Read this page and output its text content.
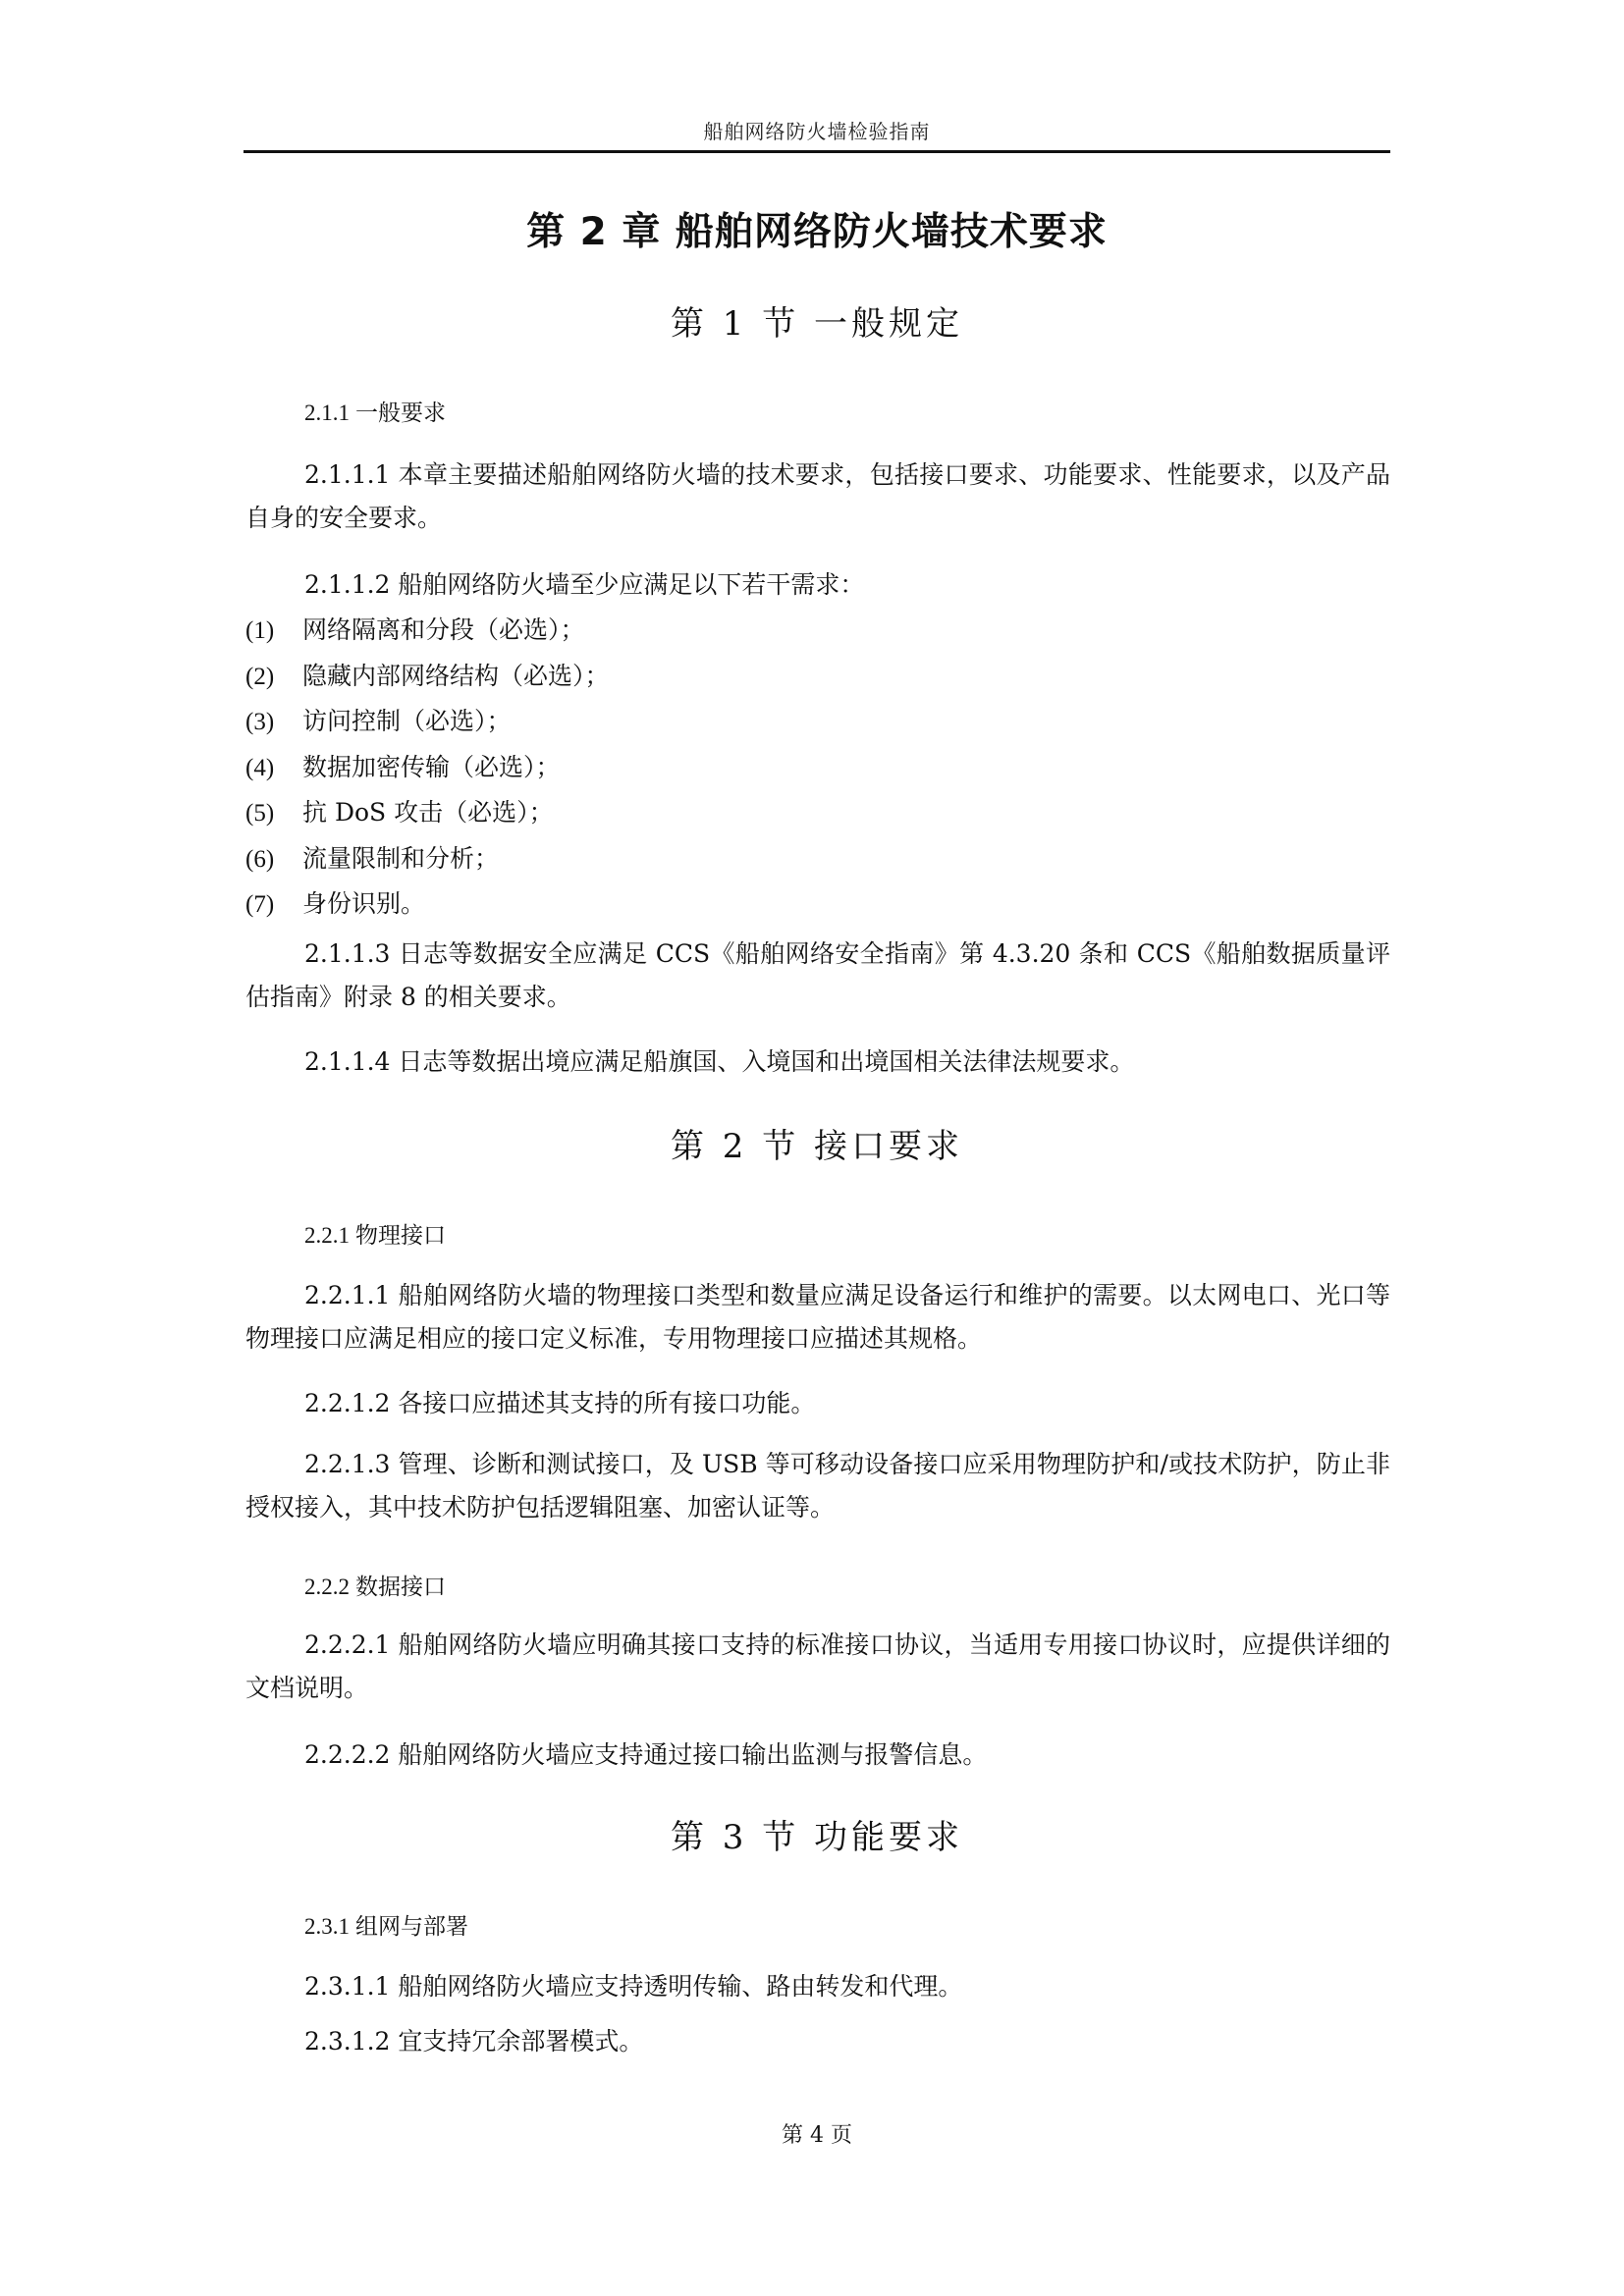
船舶网络防火墙检验指南
第 2 章 船舶网络防火墙技术要求
第 1 节 一般规定
2.1.1 一般要求
2.1.1.1 本章主要描述船舶网络防火墙的技术要求，包括接口要求、功能要求、性能要求，以及产品自身的安全要求。
2.1.1.2 船舶网络防火墙至少应满足以下若干需求：
(1) 网络隔离和分段（必选）；
(2) 隐藏内部网络结构（必选）；
(3) 访问控制（必选）；
(4) 数据加密传输（必选）；
(5) 抗 DoS 攻击（必选）；
(6) 流量限制和分析；
(7) 身份识别。
2.1.1.3 日志等数据安全应满足 CCS《船舶网络安全指南》第 4.3.20 条和 CCS《船舶数据质量评估指南》附录 8 的相关要求。
2.1.1.4 日志等数据出境应满足船旗国、入境国和出境国相关法律法规要求。
第 2 节 接口要求
2.2.1 物理接口
2.2.1.1 船舶网络防火墙的物理接口类型和数量应满足设备运行和维护的需要。以太网电口、光口等物理接口应满足相应的接口定义标准，专用物理接口应描述其规格。
2.2.1.2 各接口应描述其支持的所有接口功能。
2.2.1.3 管理、诊断和测试接口，及 USB 等可移动设备接口应采用物理防护和/或技术防护，防止非授权接入，其中技术防护包括逻辑阻塞、加密认证等。
2.2.2 数据接口
2.2.2.1 船舶网络防火墙应明确其接口支持的标准接口协议，当适用专用接口协议时，应提供详细的文档说明。
2.2.2.2 船舶网络防火墙应支持通过接口输出监测与报警信息。
第 3 节 功能要求
2.3.1 组网与部署
2.3.1.1 船舶网络防火墙应支持透明传输、路由转发和代理。
2.3.1.2 宜支持冗余部署模式。
第 4 页
